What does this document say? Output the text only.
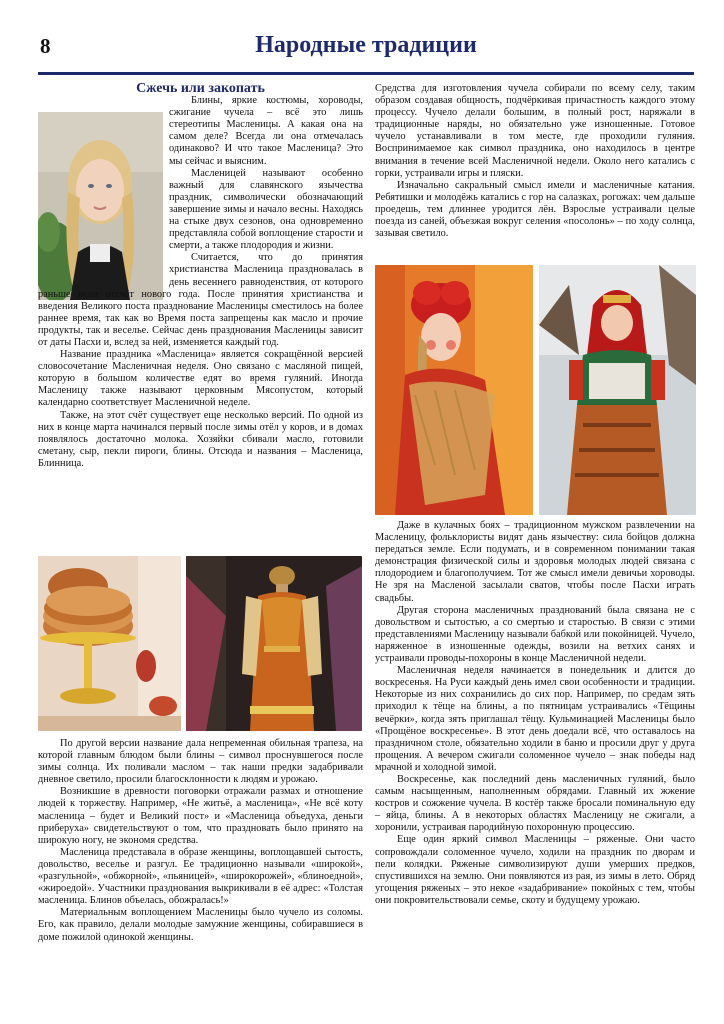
8	Народные традиции

Сжечь или закопать

Блины, яркие костюмы, хороводы, сжигание чучела – всё это лишь стереотипы Масленицы. А какая она на самом деле? Всегда ли она отмечалась одинаково? И что такое Масленица? Это мы сейчас и выясним.

Масленицей называют особенно важный для славянского язычества праздник, символически обозначающий завершение зимы и начало весны. Находясь на стыке двух сезонов, она одновременно представляла собой воплощение старости и смерти, а также плодородия и жизни.

Считается, что до принятия христианства Масленица праздновалась в день весеннего равноденствия, от которого раньше вели отсчёт нового года. После принятия христианства и введения Великого поста празднование Масленицы сместилось на более раннее время, так как во Время поста запрещены как масло и прочие продукты, так и веселье. Сейчас день празднования Масленицы зависит от даты Пасхи и, вслед за ней, изменяется каждый год.

Название праздника «Масленица» является сокращённой версией словосочетание Масленичная неделя. Оно связано с масляной пищей, которую в большом количестве едят во время гуляний. Иногда Масленицу также называют церковным Мясопустом, который календарно соответствует Масленичной неделе.

Также, на этот счёт существует еще несколько версий. По одной из них в конце марта начинался первый после зимы отёл у коров, и в домах появлялось достаточно молока. Хозяйки сбивали масло, готовили сметану, сыр, пекли пироги, блины. Отсюда и названия – Масленица, Блинница.

По другой версии название дала непременная обильная трапеза, на которой главным блюдом были блины – символ проснувшегося после зимы солнца. Их поливали маслом – так наши предки задабривали дневное светило, просили благосклонности к людям и урожаю.

Возникшие в древности поговорки отражали размах и отношение людей к торжеству. Например, «Не житьё, а масленица», «Не всё коту масленица – будет и Великий пост» и «Масленица объедуха, деньги приберуха» свидетельствуют о том, что праздновать было принято на широкую ногу, не экономя средства.

Масленица представала в образе женщины, воплощавшей сытость, довольство, веселье и разгул. Ее традиционно называли «широкой», «разгульной», «обжорной», «пьяницей», «широкорожей», «блиноедной», «жироедой». Участники празднования выкрикивали в её адрес: «Толстая масленица. Блинов объелась, обожралась!»

Материальным воплощением Масленицы было чучело из соломы. Его, как правило, делали молодые замужние женщины, собиравшиеся в доме пожилой одинокой женщины.

Средства для изготовления чучела собирали по всему селу, таким образом создавая общность, подчёркивая причастность каждого этому процессу. Чучело делали большим, в полный рост, наряжали в традиционные наряды, но обязательно уже изношенные. Готовое чучело устанавливали в том месте, где проходили гуляния. Воспринимаемое как символ праздника, оно находилось в центре внимания в течение всей Масленичной недели. Около него катались с горки, устраивали игры и пляски.

Изначально сакральный смысл имели и масленичные катания. Ребятишки и молодёжь катались с гор на салазках, рогожах: чем дальше проедешь, тем длиннее уродится лён. Взрослые устраивали целые поезда из саней, объезжая вокруг селения «посолонь» – по ходу солнца, зазывая светило.

Даже в кулачных боях – традиционном мужском развлечении на Масленицу, фольклористы видят дань язычеству: сила бойцов должна передаться земле. Если подумать, и в современном понимании такая демонстрация физической силы и здоровья молодых людей связана с плодородием и благополучием. Тот же смысл имели девичьи хороводы. Не зря на Масленой засылали сватов, чтобы после Пасхи играть свадьбы.

Другая сторона масленичных празднований была связана не с довольством и сытостью, а со смертью и старостью. В связи с этими представлениями Масленицу называли бабкой или покойницей. Чучело, наряженное в изношенные одежды, возили на ветхих санях и устраивали проводы-похороны в конце Масленичной недели.

Масленичная неделя начинается в понедельник и длится до воскресенья. На Руси каждый день имел свои особенности и традиции. Некоторые из них сохранились до сих пор. Например, по средам зять приходил к тёще на блины, а по пятницам устраивались «Тёщины вечёрки», когда зять приглашал тёщу. Кульминацией Масленицы было «Прощёное воскресенье». В этот день доедали всё, что оставалось на праздничном столе, обязательно ходили в баню и просили друг у друга прощения. А вечером сжигали соломенное чучело – знак победы над мрачной и холодной зимой.

Воскресенье, как последний день масленичных гуляний, было самым насыщенным, наполненным обрядами. Главный их жжение костров и сожжение чучела. В костёр также бросали поминальную еду – яйца, блины. А в некоторых областях Масленицу не сжигали, а хоронили, устраивая пародийную похоронную процессию.

Еще один яркий символ Масленицы – ряженые. Они часто сопровождали соломенное чучело, ходили на праздник по дворам и пели колядки. Ряженые символизируют души умерших предков, спустившихся на землю. Они появляются из рая, из зимы в лето. Обряд угощения ряженых – это некое «задабривание» покойных с тем, чтобы они покровительствовали семье, скоту и будущему урожаю.
